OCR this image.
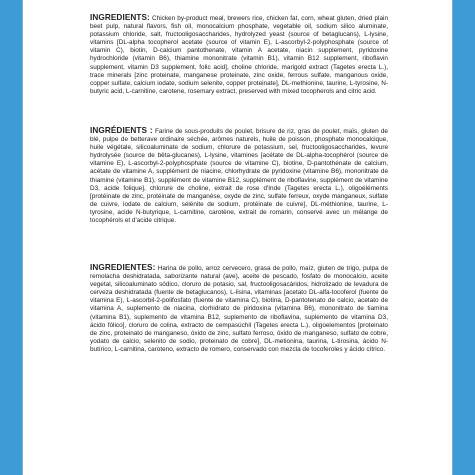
INGREDIENTS: Chicken by-product meal, brewers rice, chicken fat, corn, wheat gluten, dried plain beet pulp, natural flavors, fish oil, monocalcium phosphate, vegetable oil, sodium silico aluminate, potassium chloride, salt, fructooligosaccharides, hydrolyzed yeast (source of betaglucans), L-lysine, vitamins [DL-alpha tocopherol acetate (source of vitamin E), L-ascorbyl-2-polyphosphate (source of vitamin C), biotin, D-calcium pantothenate, vitamin A acetate, niacin supplement, pyridoxine hydrochloride (vitamin B6), thiamine mononitrate (vitamin B1), vitamin B12 supplement, riboflavin supplement, vitamin D3 supplement, folic acid], choline chloride, marigold extract (Tagetes erecta L.), trace minerals [zinc proteinate, manganese proteinate, zinc oxide, ferrous sulfate, manganous oxide, copper sulfate, calcium iodate, sodium selenite, copper proteinate], DL-methionine, taurine, L-tyrosine, N-butyric acid, L-carnitine, carotene, rosemary extract, preserved with mixed tocopherols and citric acid.
INGRÉDIENTS : Farine de sous-produits de poulet, brisure de riz, gras de poulet, maïs, gluten de blé, pulpe de betterave ordinaire séchée, arômes naturels, huile de poisson, phosphate monocalcique, huile végétale, silicoaluminate de sodium, chlorure de potassium, sel, fructooligosaccharides, levure hydrolysée (source de bêta-glucanes), L-lysine, vitamines [acétate de DL-alpha-tocophérol (source de vitamine E), L-ascorbyl-2-polyphosphate (source de vitamine C), biotine, D-pantothénate de calcium, acétate de vitamine A, supplément de niacine, chlorhydrate de pyridoxine (vitamine B6), mononitrate de thiamine (vitamine B1), supplément de vitamine B12, supplément de riboflavine, supplément de vitamine D3, acide folique], chlorure de choline, extrait de rose d'Inde (Tagetes erecta L.), oligoéléments [protéinate de zinc, protéinate de manganèse, oxyde de zinc, sulfate ferreux, oxyde manganeux, sulfate de cuivre, iodate de calcium, sélénite de sodium, protéinate de cuivre], DL-méthionine, taurine, L-tyrosine, acide N-butyrique, L-carnitine, carotène, extrait de romarin, conservé avec un mélange de tocophérols et d'acide citrique.
INGREDIENTES: Harina de pollo, arroz cervecero, grasa de pollo, maíz, gluten de trigo, pulpa de remolacha deshidratada, saborizante natural (ave), aceite de pescado, fosfato de monocalcio, aceite vegetal, silicoaluminato sódico, cloruro de potasio, sal, fructooligosacáridos, hidrolizado de levadura de cerveza deshidratada (fuente de betaglucanos), L-lisina, vitaminas [acetato DL-alfa-tocoferol (fuente de vitamina E), L-ascorbil-2-polifosfato (fuente de vitamina C), biotina, D-pantotenato de calcio, acetato de vitamina A, suplemento de niacina, clorhidrato de piridoxina (vitamina B6), mononitrato de tiamina (vitamina B1), suplemento de vitamina B12, suplemento de riboflavina, suplemento de vitamina D3, ácido fólico], cloruro de colina, extracto de cempasúchil (Tagetes erecta L.), oligoelementos [proteinato de zinc, proteinato de manganeso, óxido de zinc, sulfato ferroso, óxido de manganeso, sulfato de cobre, yodato de calcio, selenito de sodio, proteinato de cobre], DL-metionina, taurina, L-tirosina, ácido N-butírico, L-carnitina, caroteno, extracto de romero, conservado con mezcla de tocoferoles y ácido cítrico.
